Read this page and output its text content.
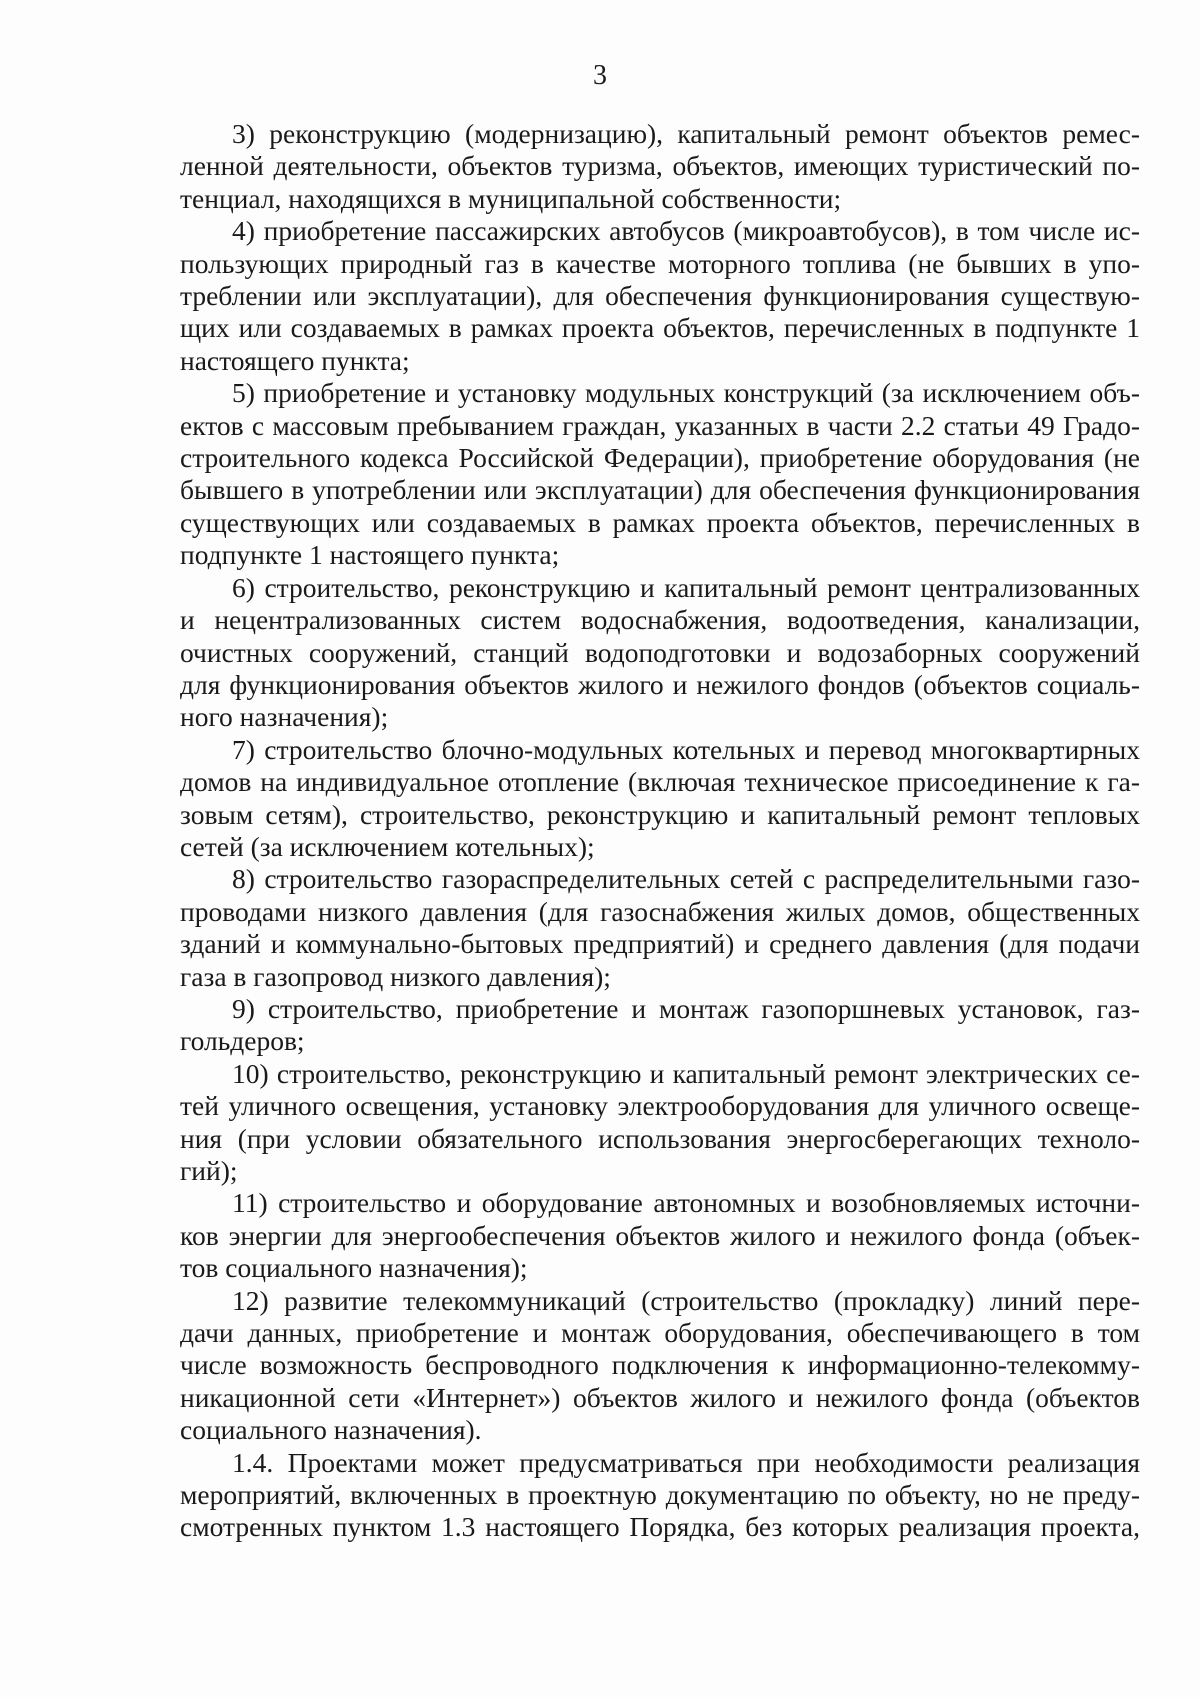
3
3) реконструкцию (модернизацию), капитальный ремонт объектов ремес-
ленной деятельности, объектов туризма, объектов, имеющих туристический по-
тенциал, находящихся в муниципальной собственности;
4) приобретение пассажирских автобусов (микроавтобусов), в том числе ис-
пользующих природный газ в качестве моторного топлива (не бывших в упо-
треблении или эксплуатации), для обеспечения функционирования существую-
щих или создаваемых в рамках проекта объектов, перечисленных в подпункте 1
настоящего пункта;
5) приобретение и установку модульных конструкций (за исключением объ-
ектов с массовым пребыванием граждан, указанных в части 2.2 статьи 49 Градо-
строительного кодекса Российской Федерации), приобретение оборудования (не
бывшего в употреблении или эксплуатации) для обеспечения функционирования
существующих или создаваемых в рамках проекта объектов, перечисленных в
подпункте 1 настоящего пункта;
6) строительство, реконструкцию и капитальный ремонт централизованных
и нецентрализованных систем водоснабжения, водоотведения, канализации,
очистных сооружений, станций водоподготовки и водозаборных сооружений
для функционирования объектов жилого и нежилого фондов (объектов социаль-
ного назначения);
7) строительство блочно-модульных котельных и перевод многоквартирных
домов на индивидуальное отопление (включая техническое присоединение к га-
зовым сетям), строительство, реконструкцию и капитальный ремонт тепловых
сетей (за исключением котельных);
8) строительство газораспределительных сетей с распределительными газо-
проводами низкого давления (для газоснабжения жилых домов, общественных
зданий и коммунально-бытовых предприятий) и среднего давления (для подачи
газа в газопровод низкого давления);
9) строительство, приобретение и монтаж газопоршневых установок, газ-
гольдеров;
10) строительство, реконструкцию и капитальный ремонт электрических се-
тей уличного освещения, установку электрооборудования для уличного освеще-
ния (при условии обязательного использования энергосберегающих техноло-
гий);
11) строительство и оборудование автономных и возобновляемых источни-
ков энергии для энергообеспечения объектов жилого и нежилого фонда (объек-
тов социального назначения);
12) развитие телекоммуникаций (строительство (прокладку) линий пере-
дачи данных, приобретение и монтаж оборудования, обеспечивающего в том
числе возможность беспроводного подключения к информационно-телекомму-
никационной сети «Интернет») объектов жилого и нежилого фонда (объектов
социального назначения).
1.4. Проектами может предусматриваться при необходимости реализация
мероприятий, включенных в проектную документацию по объекту, но не преду-
смотренных пунктом 1.3 настоящего Порядка, без которых реализация проекта,
